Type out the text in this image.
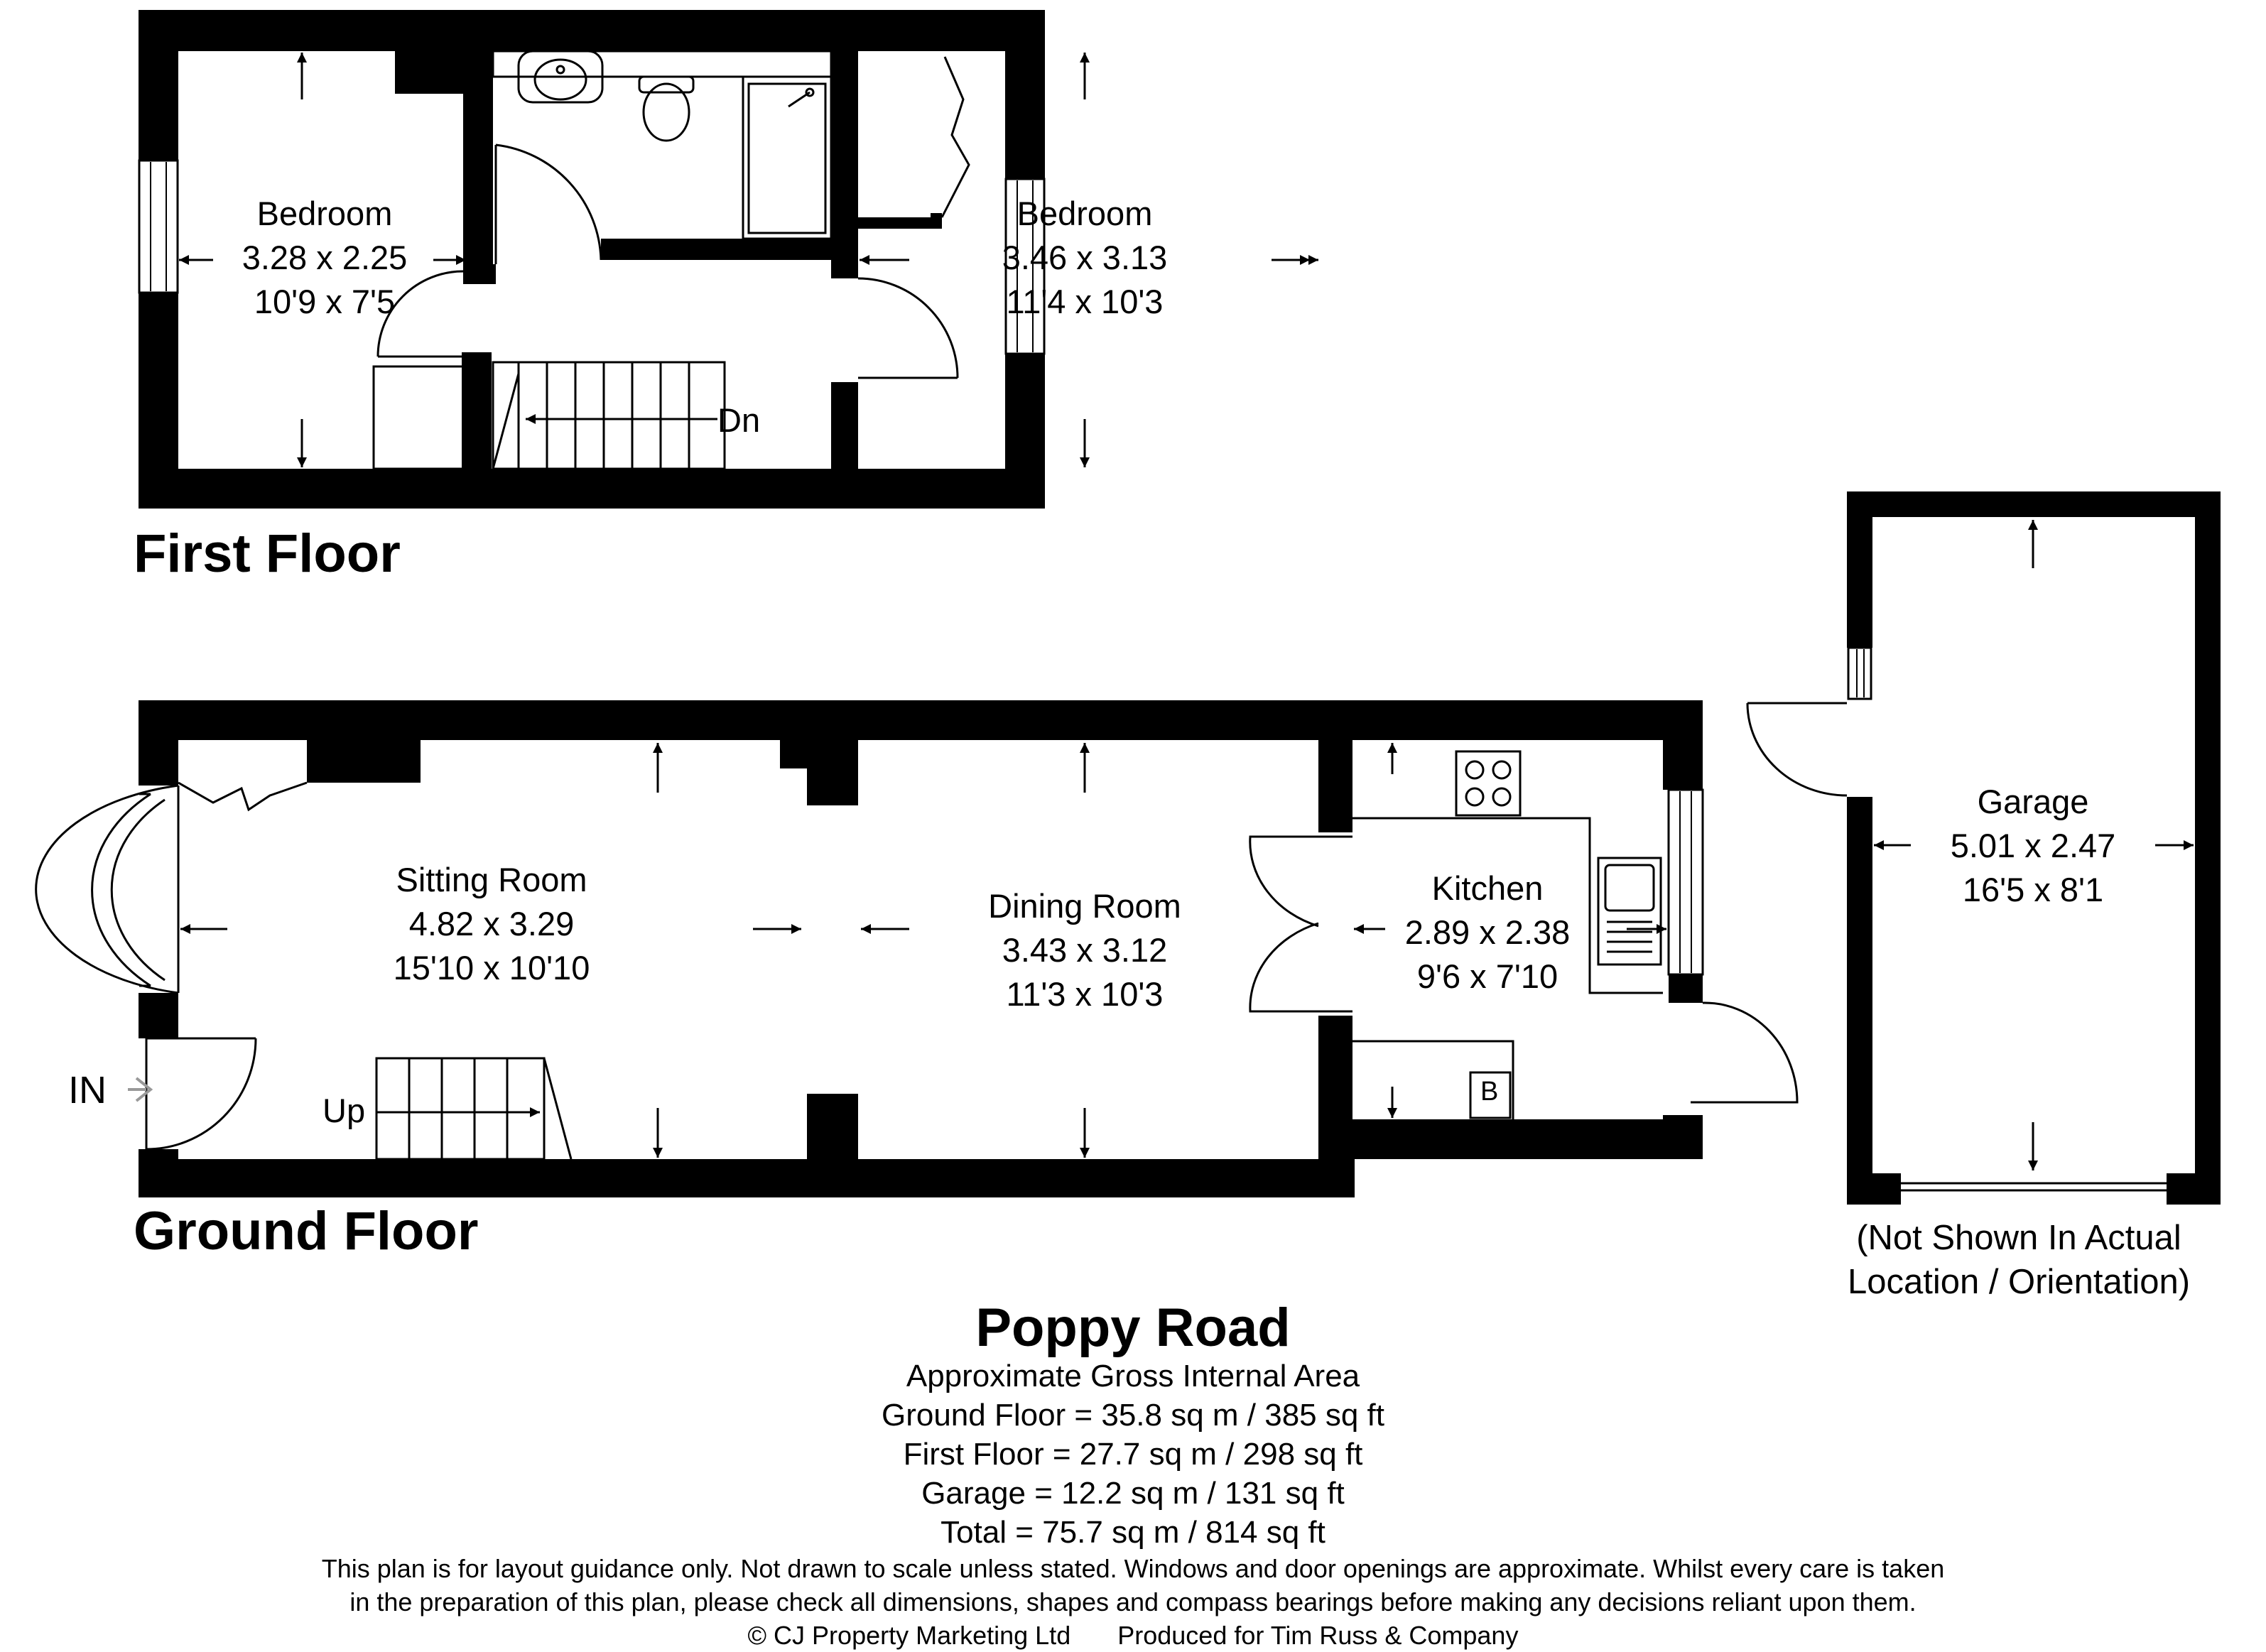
Bedroom
3.28 x 2.25
10'9 x 7'5
Bedroom
3.46 x 3.13
11'4 x 10'3
Dn
First Floor
Sitting Room
4.82 x 3.29
15'10 x 10'10
Dining Room
3.43 x 3.12
11'3 x 10'3
Kitchen
2.89 x 2.38
9'6 x 7'10
B
Up
IN
Ground Floor
Garage
5.01 x 2.47
16'5 x 8'1
(Not Shown In Actual
Location / Orientation)
Poppy Road
Approximate Gross Internal Area
Ground Floor = 35.8 sq m / 385 sq ft
First Floor = 27.7 sq m / 298 sq ft
Garage = 12.2 sq m / 131 sq ft
Total = 75.7 sq m / 814 sq ft
This plan is for layout guidance only. Not drawn to scale unless stated. Windows and door openings are approximate. Whilst every care is taken
in the preparation of this plan, please check all dimensions, shapes and compass bearings before making any decisions reliant upon them.
© CJ Property Marketing Ltd Produced for Tim Russ & Company
